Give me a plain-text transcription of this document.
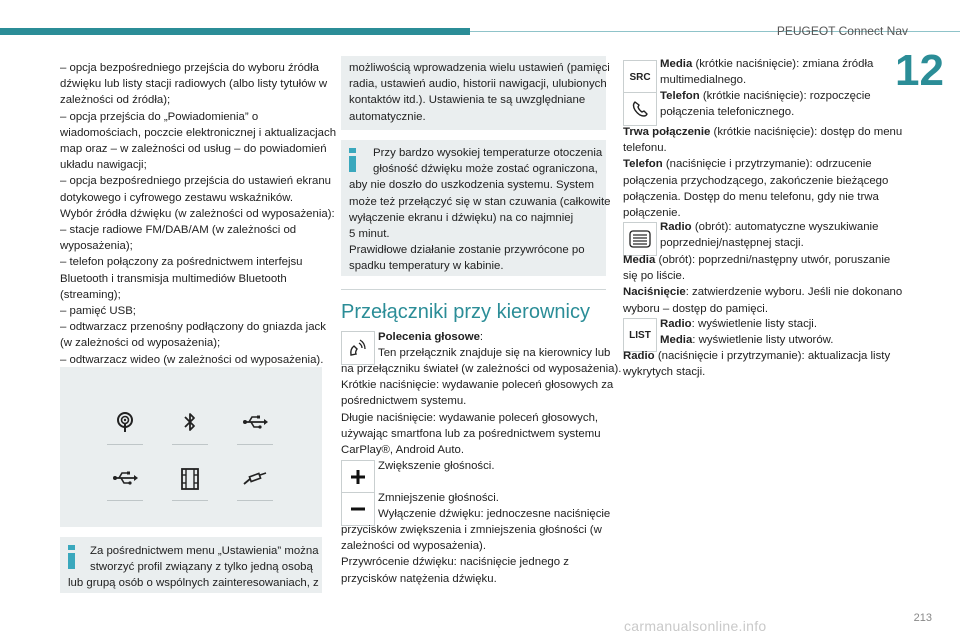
PEUGEOT Connect Nav
12
– opcja bezpośredniego przejścia do wyboru źródła
dźwięku lub listy stacji radiowych (albo listy tytułów w
zależności od źródła);
– opcja przejścia do „Powiadomienia” o
wiadomościach, poczcie elektronicznej i aktualizacjach
map oraz – w zależności od usług – do powiadomień
układu nawigacji;
– opcja bezpośredniego przejścia do ustawień ekranu
dotykowego i cyfrowego zestawu wskaźników.
Wybór źródła dźwięku (w zależności od wyposażenia):
– stacje radiowe FM/DAB/AM (w zależności od
wyposażenia);
– telefon połączony za pośrednictwem interfejsu
Bluetooth i transmisja multimediów Bluetooth
(streaming);
– pamięć USB;
– odtwarzacz przenośny podłączony do gniazda jack
(w zależności od wyposażenia);
– odtwarzacz wideo (w zależności od wyposażenia).
Za pośrednictwem menu „Ustawienia” można
stworzyć profil związany z tylko jedną osobą
lub grupą osób o wspólnych zainteresowaniach, z
możliwością wprowadzenia wielu ustawień (pamięci
radia, ustawień audio, historii nawigacji, ulubionych
kontaktów itd.). Ustawienia te są uwzględniane
automatycznie.
Przy bardzo wysokiej temperaturze otoczenia
głośność dźwięku może zostać ograniczona,
aby nie doszło do uszkodzenia systemu. System
może też przełączyć się w stan czuwania (całkowite
wyłączenie ekranu i dźwięku) na co najmniej
5 minut.
Prawidłowe działanie zostanie przywrócone po
spadku temperatury w kabinie.
Przełączniki przy kierownicy
Polecenia głosowe:
Ten przełącznik znajduje się na kierownicy lub
na przełączniku świateł (w zależności od wyposażenia).
Krótkie naciśnięcie: wydawanie poleceń głosowych za
pośrednictwem systemu.
Długie naciśnięcie: wydawanie poleceń głosowych,
używając smartfona lub za pośrednictwem systemu
CarPlay®, Android Auto.
Zwiększenie głośności.
Zmniejszenie głośności.
Wyłączenie dźwięku: jednoczesne naciśnięcie
przycisków zwiększenia i zmniejszenia głośności (w
zależności od wyposażenia).
Przywrócenie dźwięku: naciśnięcie jednego z
przycisków natężenia dźwięku.
SRC
Media (krótkie naciśnięcie): zmiana źródła
multimedialnego.
Telefon (krótkie naciśnięcie): rozpoczęcie
połączenia telefonicznego.
Trwa połączenie (krótkie naciśnięcie): dostęp do menu
telefonu.
Telefon (naciśnięcie i przytrzymanie): odrzucenie
połączenia przychodzącego, zakończenie bieżącego
połączenia. Dostęp do menu telefonu, gdy nie trwa
połączenie.
Radio (obrót): automatyczne wyszukiwanie
poprzedniej/następnej stacji.
Media (obrót): poprzedni/następny utwór, poruszanie
się po liście.
Naciśnięcie: zatwierdzenie wyboru. Jeśli nie dokonano
wyboru – dostęp do pamięci.
LIST
Radio: wyświetlenie listy stacji.
Media: wyświetlenie listy utworów.
Radio (naciśnięcie i przytrzymanie): aktualizacja listy
wykrytych stacji.
213
carmanualsonline.info
